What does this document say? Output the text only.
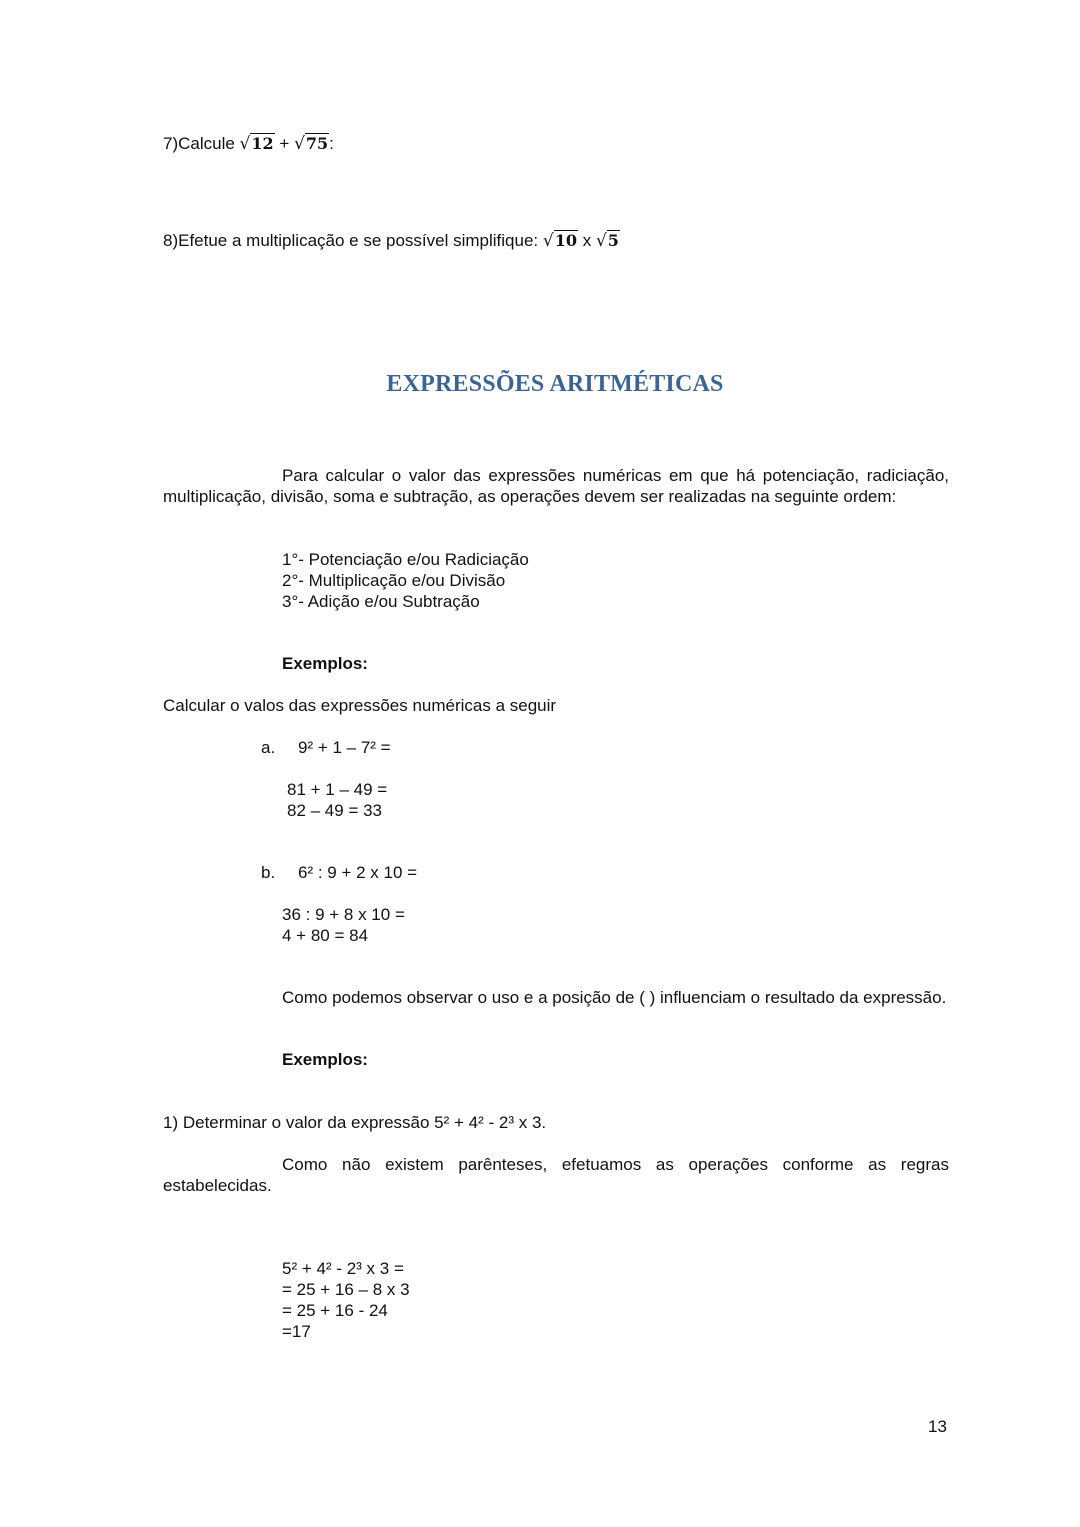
7)Calcule √12 + √75:
8)Efetue a multiplicação e se possível simplifique: √10 x √5
EXPRESSÕES ARITMÉTICAS
Para calcular o valor das expressões numéricas em que há potenciação, radiciação, multiplicação, divisão, soma e subtração, as operações devem ser realizadas na seguinte ordem:
1°- Potenciação e/ou Radiciação
2°- Multiplicação e/ou Divisão
3°- Adição e/ou Subtração
Exemplos:
Calcular o valos das expressões numéricas a seguir
a. 9² + 1 – 7² =
81 + 1 – 49 =
82 – 49 = 33
b. 6² : 9 + 2 x 10 =
36 : 9 + 8 x 10 =
4 + 80 = 84
Como podemos observar o uso e a posição de ( ) influenciam o resultado da expressão.
Exemplos:
1) Determinar o valor da expressão 5² + 4² - 2³ x 3.
Como não existem parênteses, efetuamos as operações conforme as regras estabelecidas.
5² + 4² - 2³ x 3 =
= 25 + 16 – 8 x 3
= 25 + 16 - 24
=17
13
